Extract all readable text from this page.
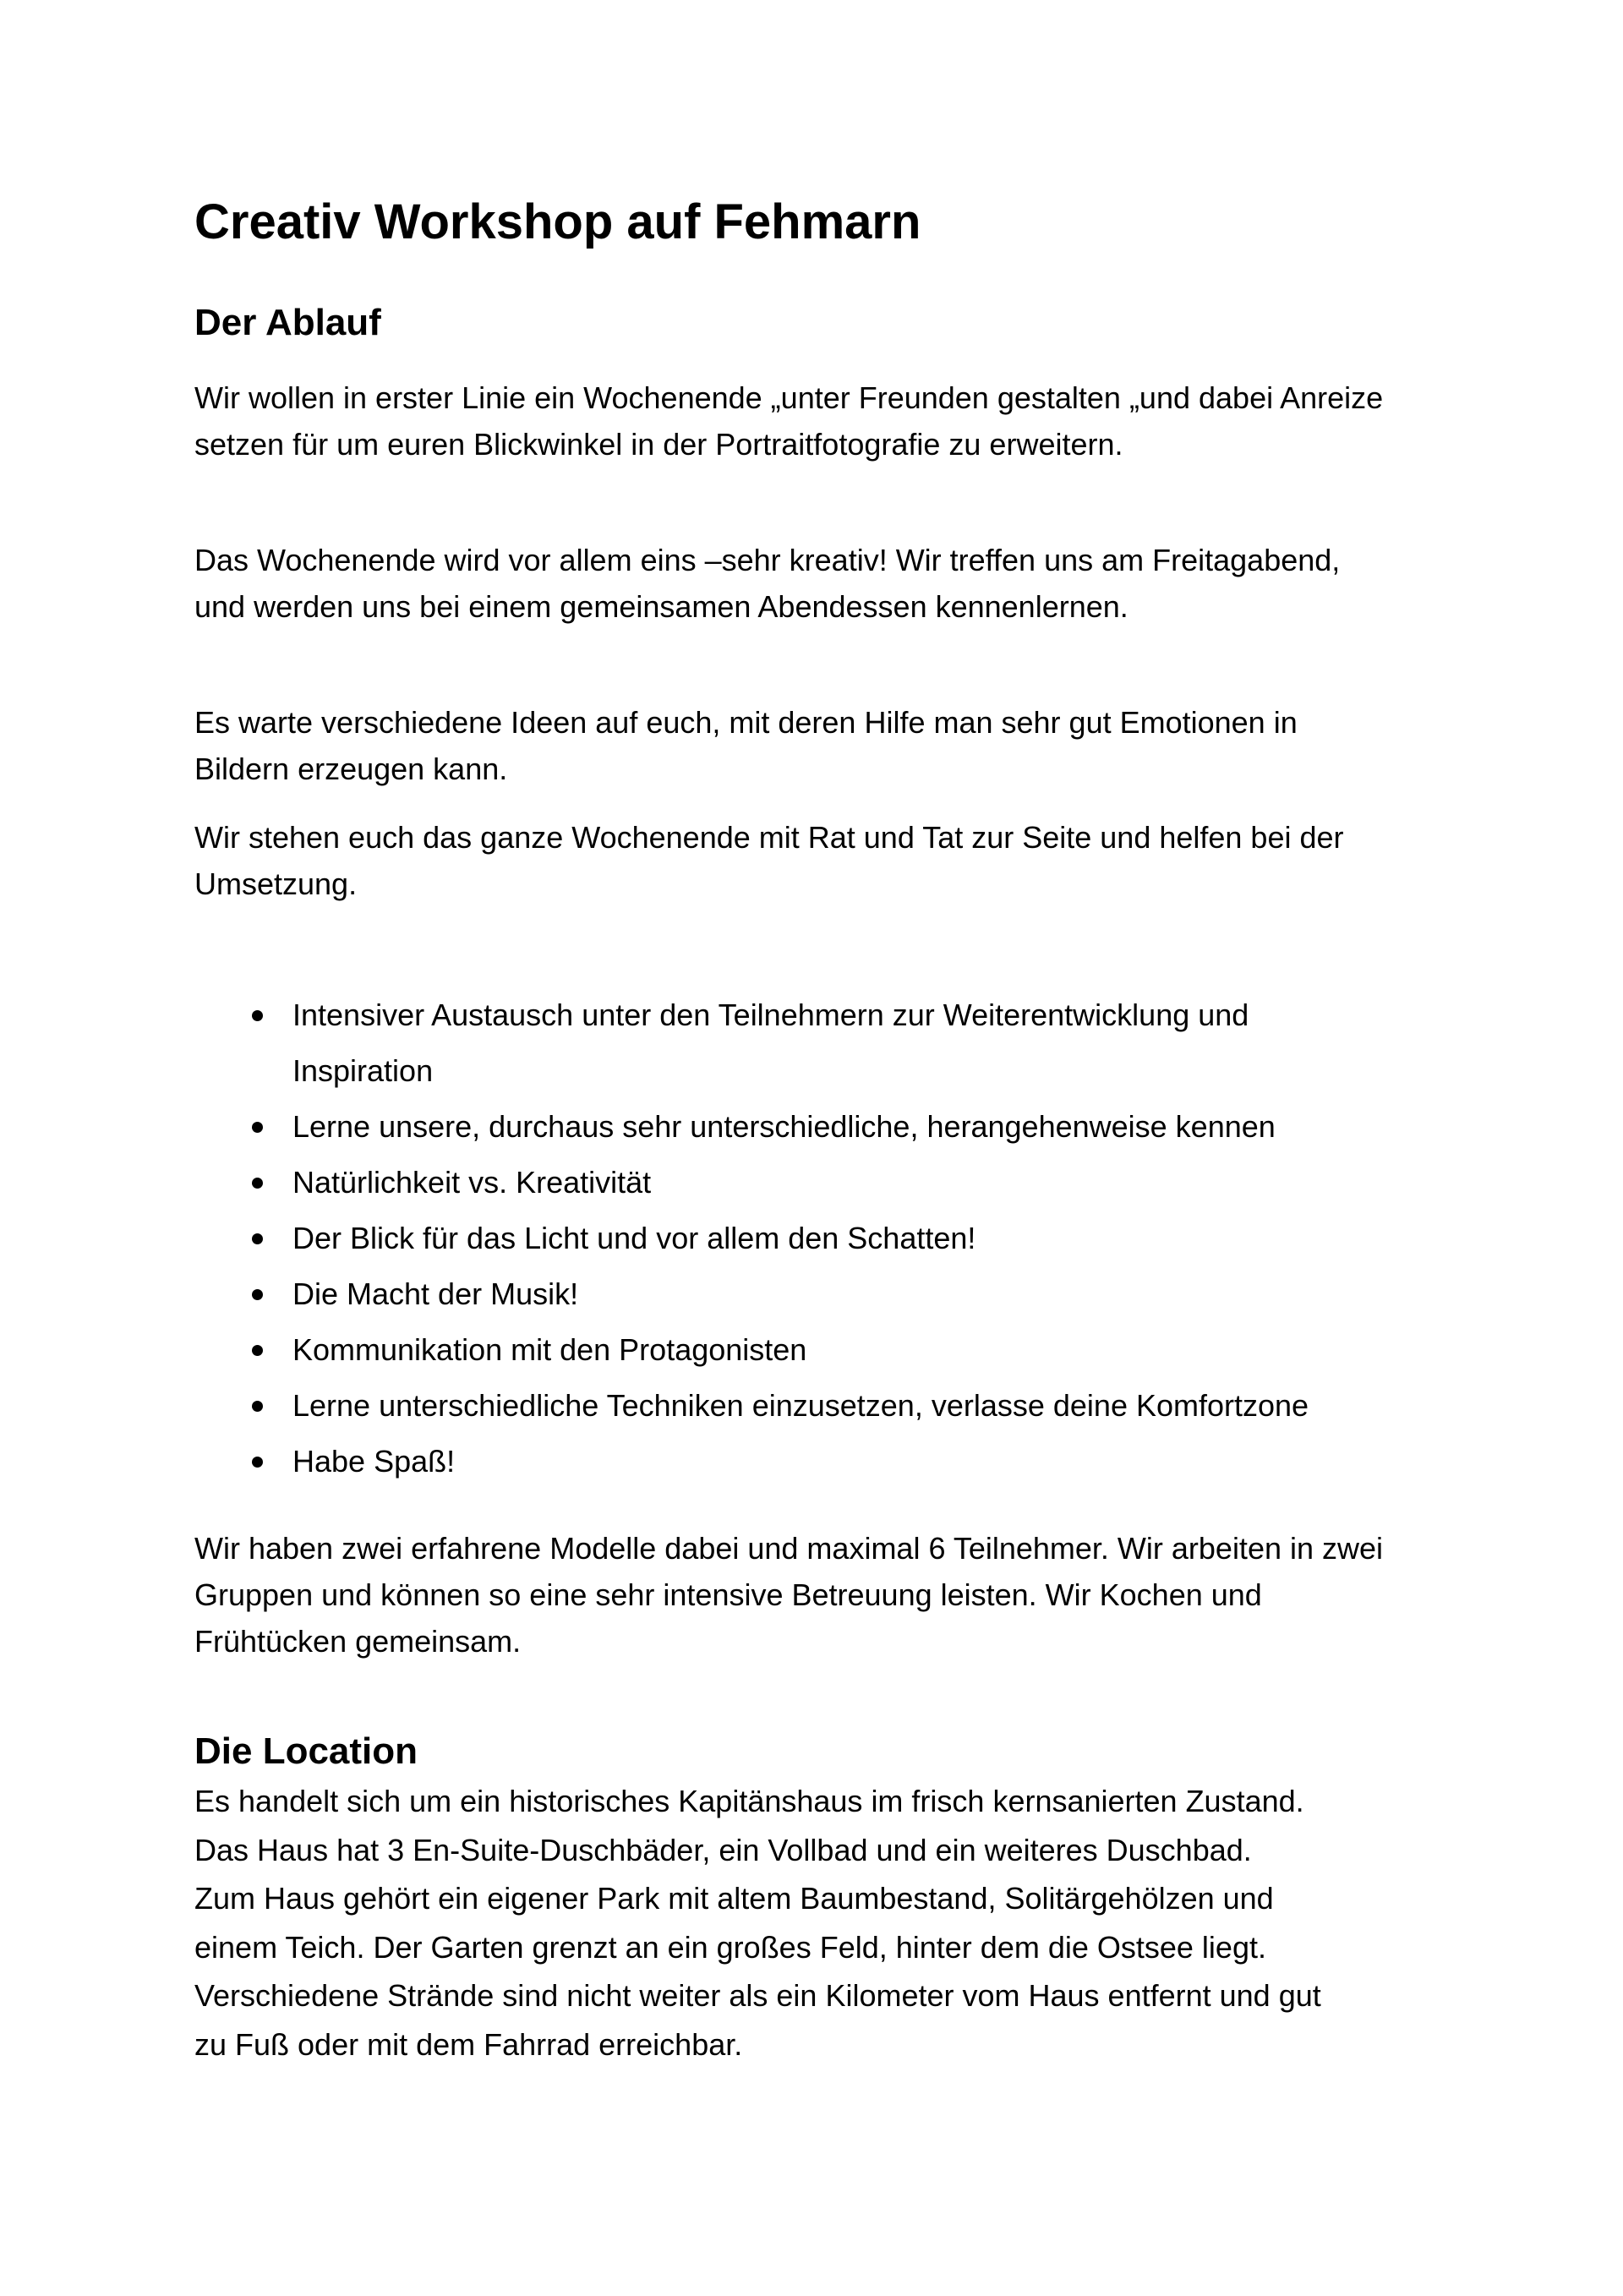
Creativ Workshop auf Fehmarn
Der Ablauf

Wir wollen in erster Linie ein Wochenende „unter Freunden gestalten „und dabei Anreize
setzen für um euren Blickwinkel in der Portraitfotografie zu erweitern.

Das Wochenende wird vor allem eins –sehr kreativ! Wir treffen uns am Freitagabend,
und werden uns bei einem gemeinsamen Abendessen kennenlernen.

Es warte verschiedene Ideen auf euch, mit deren Hilfe man sehr gut Emotionen in
Bildern erzeugen kann.

Wir stehen euch das ganze Wochenende mit Rat und Tat zur Seite und helfen bei der
Umsetzung.

Intensiver Austausch unter den Teilnehmern zur Weiterentwicklung und
Inspiration
Lerne unsere, durchaus sehr unterschiedliche, herangehenweise kennen
Natürlichkeit vs. Kreativität
Der Blick für das Licht und vor allem den Schatten!
Die Macht der Musik!
Kommunikation mit den Protagonisten
Lerne unterschiedliche Techniken einzusetzen, verlasse deine Komfortzone
Habe Spaß!

Wir haben zwei erfahrene Modelle dabei und maximal 6 Teilnehmer. Wir arbeiten in zwei
Gruppen und können so eine sehr intensive Betreuung leisten. Wir Kochen und
Frühtücken gemeinsam.

Die Location

Es handelt sich um ein historisches Kapitänshaus im frisch kernsanierten Zustand.
Das Haus hat 3 En-Suite-Duschbäder, ein Vollbad und ein weiteres Duschbad.
Zum Haus gehört ein eigener Park mit altem Baumbestand, Solitärgehölzen und
einem Teich. Der Garten grenzt an ein großes Feld, hinter dem die Ostsee liegt.
Verschiedene Strände sind nicht weiter als ein Kilometer vom Haus entfernt und gut
zu Fuß oder mit dem Fahrrad erreichbar.
